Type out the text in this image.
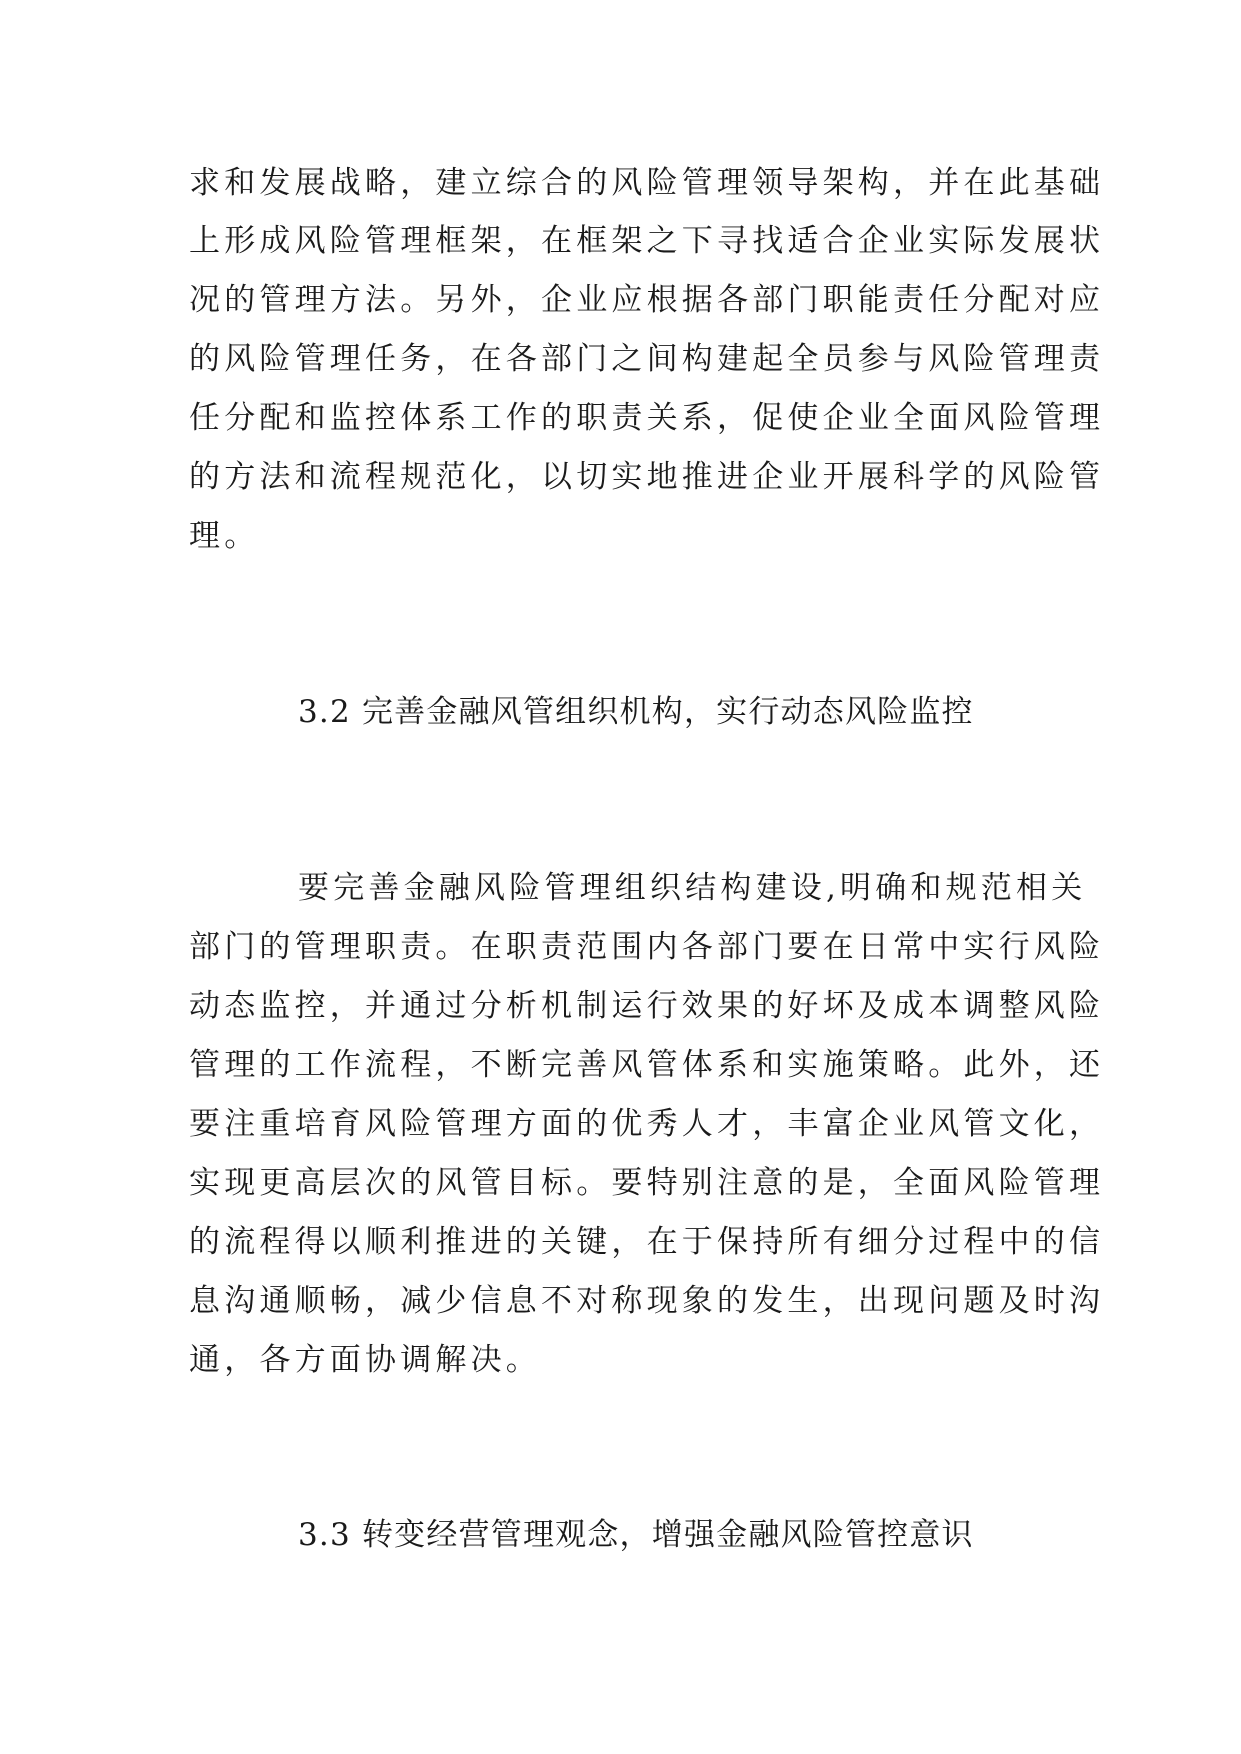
求和发展战略，建立综合的风险管理领导架构，并在此基础
上形成风险管理框架，在框架之下寻找适合企业实际发展状
况的管理方法。另外，企业应根据各部门职能责任分配对应
的风险管理任务，在各部门之间构建起全员参与风险管理责
任分配和监控体系工作的职责关系，促使企业全面风险管理
的方法和流程规范化，以切实地推进企业开展科学的风险管
理。
3.2 完善金融风管组织机构，实行动态风险监控
要完善金融风险管理组织结构建设,明确和规范相关
部门的管理职责。在职责范围内各部门要在日常中实行风险
动态监控，并通过分析机制运行效果的好坏及成本调整风险
管理的工作流程，不断完善风管体系和实施策略。此外，还
要注重培育风险管理方面的优秀人才，丰富企业风管文化，
实现更高层次的风管目标。要特别注意的是，全面风险管理
的流程得以顺利推进的关键，在于保持所有细分过程中的信
息沟通顺畅，减少信息不对称现象的发生，出现问题及时沟
通，各方面协调解决。
3.3 转变经营管理观念，增强金融风险管控意识
